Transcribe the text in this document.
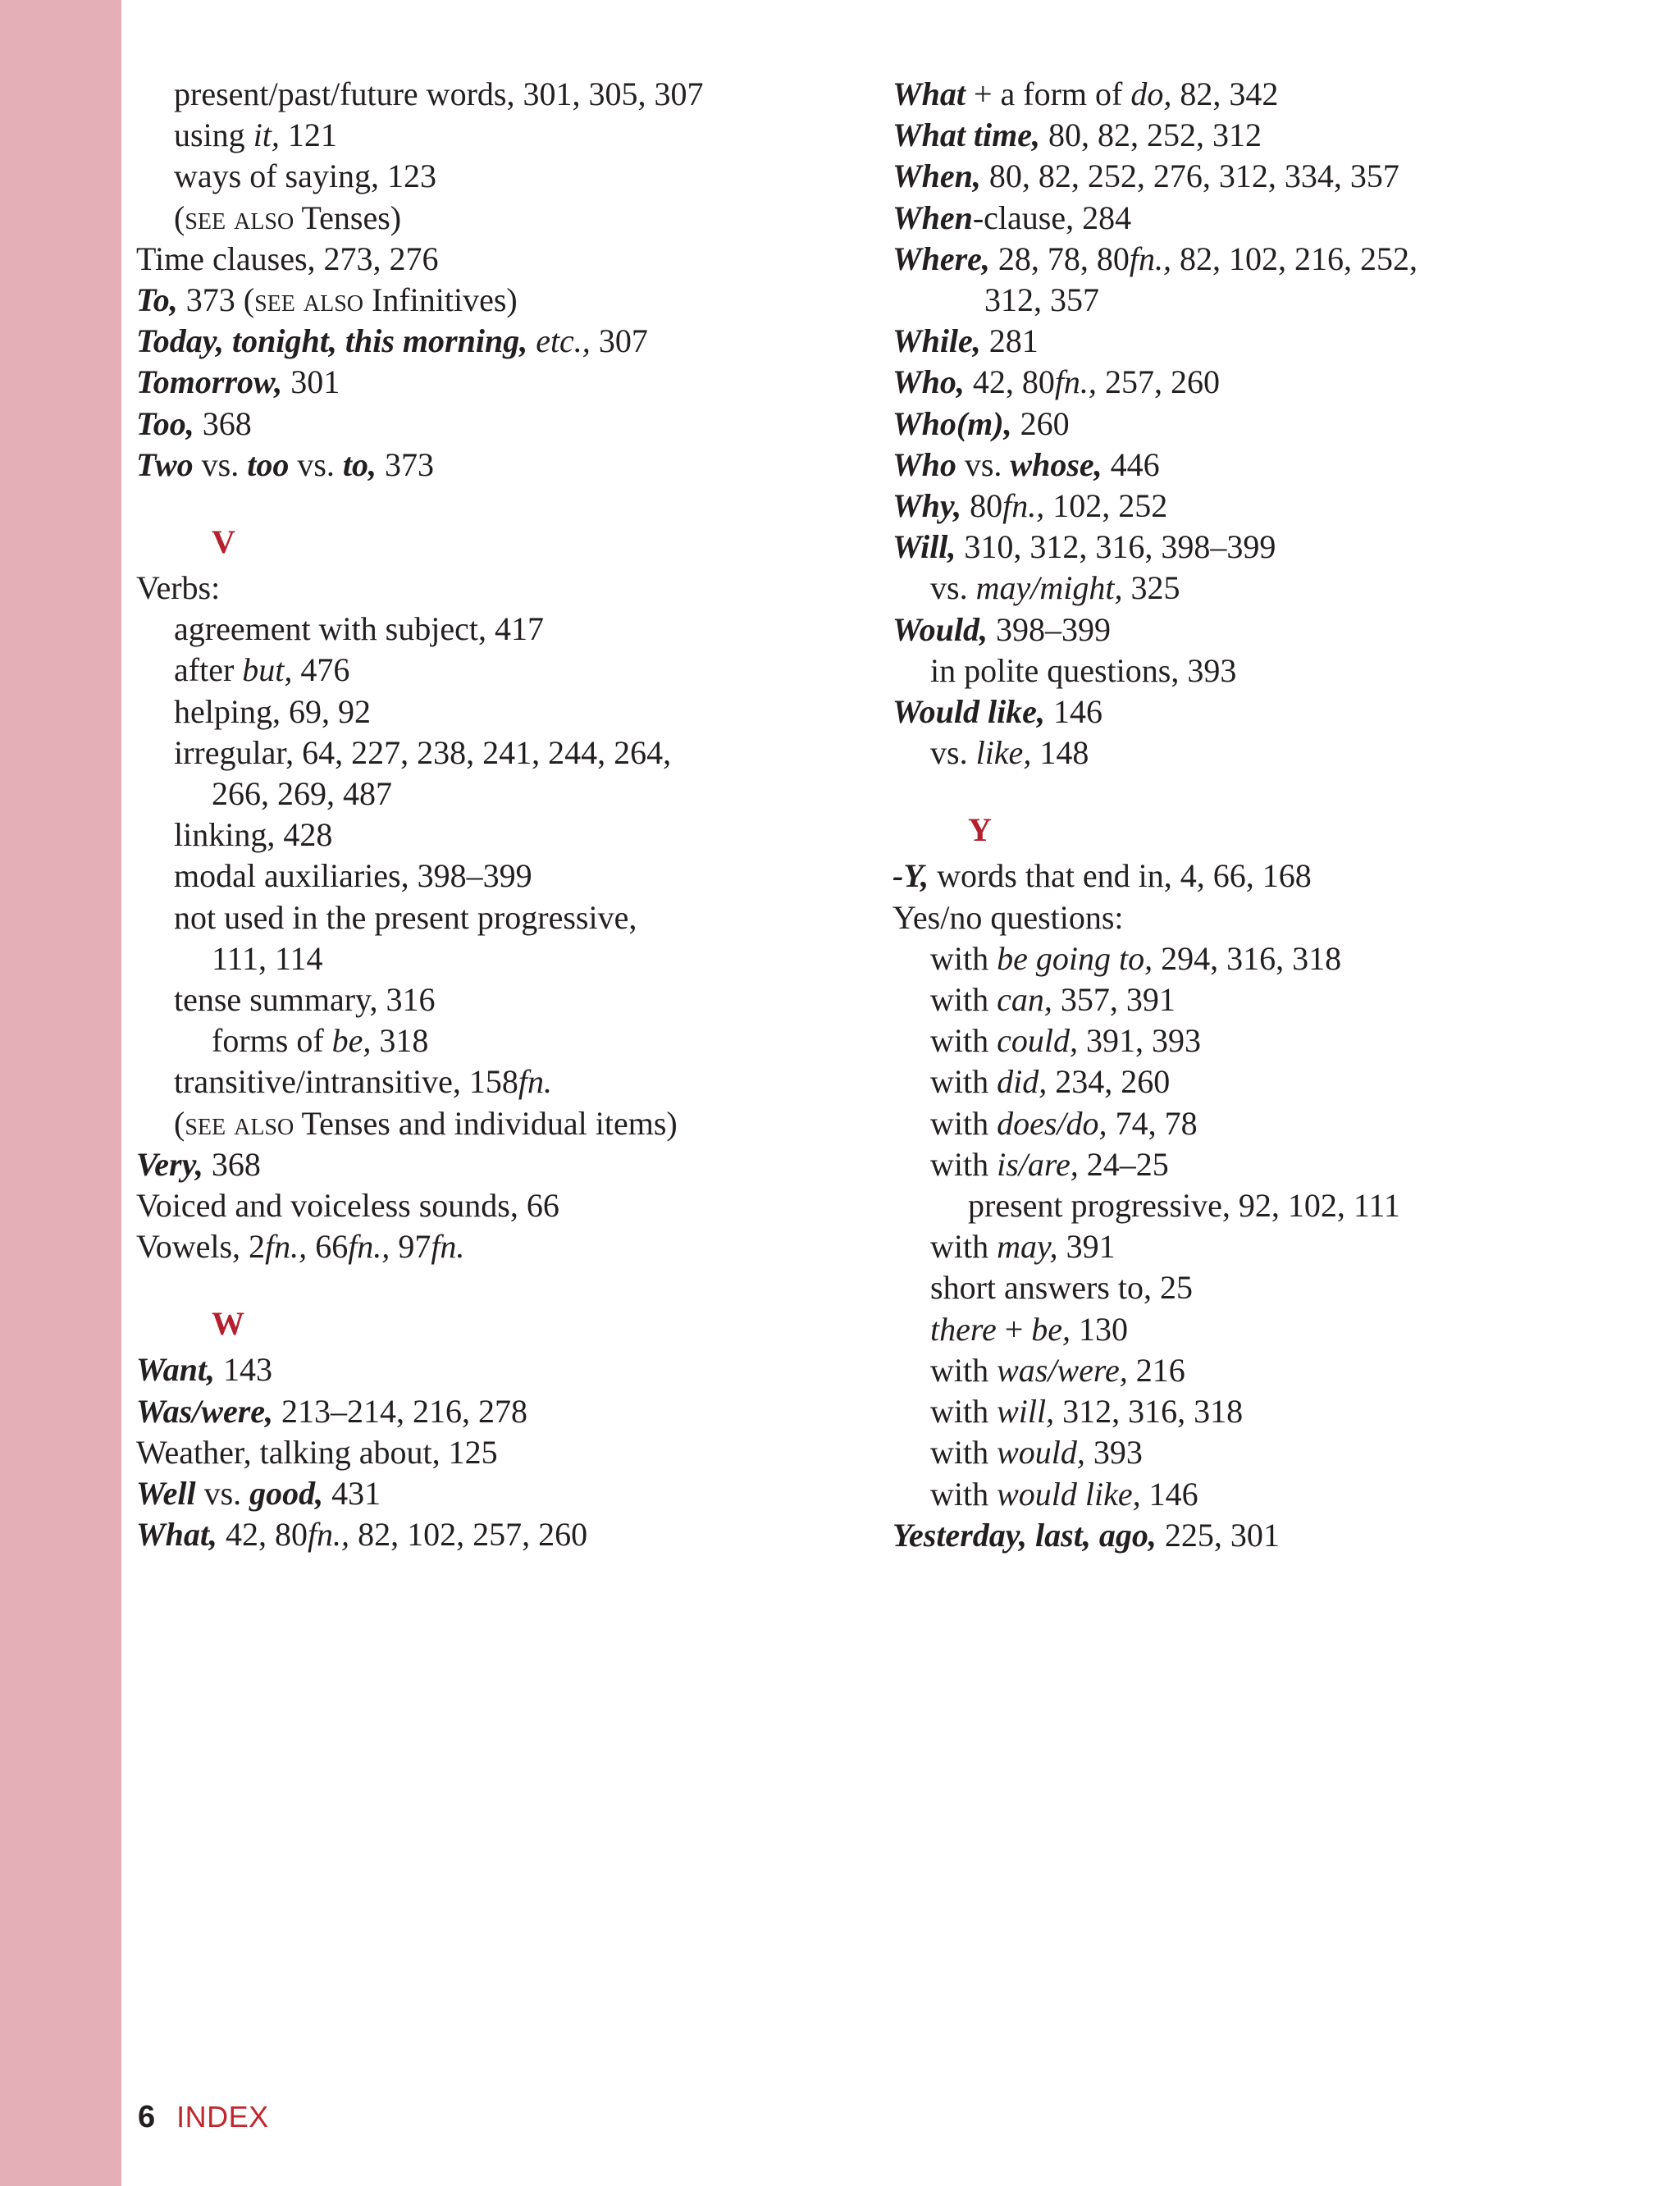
present/past/future words, 301, 305, 307
using it, 121
ways of saying, 123
(see also Tenses)
Time clauses, 273, 276
To, 373 (see also Infinitives)
Today, tonight, this morning, etc., 307
Tomorrow, 301
Too, 368
Two vs. too vs. to, 373
V
Verbs:
agreement with subject, 417
after but, 476
helping, 69, 92
irregular, 64, 227, 238, 241, 244, 264,
266, 269, 487
linking, 428
modal auxiliaries, 398–399
not used in the present progressive,
111, 114
tense summary, 316
forms of be, 318
transitive/intransitive, 158fn.
(see also Tenses and individual items)
Very, 368
Voiced and voiceless sounds, 66
Vowels, 2fn., 66fn., 97fn.
W
Want, 143
Was/were, 213–214, 216, 278
Weather, talking about, 125
Well vs. good, 431
What, 42, 80fn., 82, 102, 257, 260
What + a form of do, 82, 342
What time, 80, 82, 252, 312
When, 80, 82, 252, 276, 312, 334, 357
When-clause, 284
Where, 28, 78, 80fn., 82, 102, 216, 252,
312, 357
While, 281
Who, 42, 80fn., 257, 260
Who(m), 260
Who vs. whose, 446
Why, 80fn., 102, 252
Will, 310, 312, 316, 398–399
vs. may/might, 325
Would, 398–399
in polite questions, 393
Would like, 146
vs. like, 148
Y
-Y, words that end in, 4, 66, 168
Yes/no questions:
with be going to, 294, 316, 318
with can, 357, 391
with could, 391, 393
with did, 234, 260
with does/do, 74, 78
with is/are, 24–25
present progressive, 92, 102, 111
with may, 391
short answers to, 25
there + be, 130
with was/were, 216
with will, 312, 316, 318
with would, 393
with would like, 146
Yesterday, last, ago, 225, 301
6 INDEX
